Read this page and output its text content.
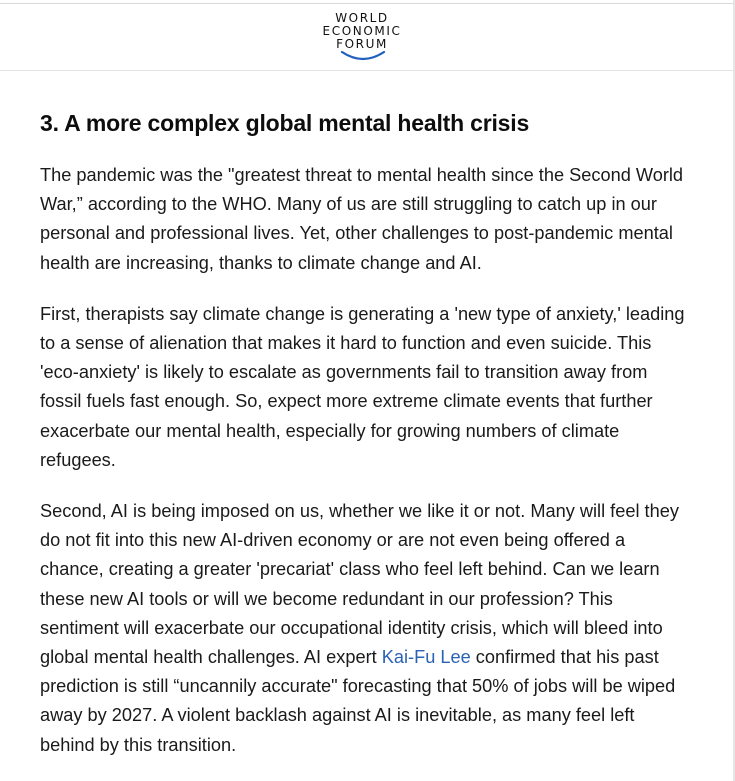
WORLD
ECONOMIC
FORUM
3. A more complex global mental health crisis

The pandemic was the "greatest threat to mental health since the Second World War,” according to the WHO. Many of us are still struggling to catch up in our personal and professional lives. Yet, other challenges to post-pandemic mental health are increasing, thanks to climate change and AI.

First, therapists say climate change is generating a 'new type of anxiety,' leading to a sense of alienation that makes it hard to function and even suicide. This 'eco-anxiety' is likely to escalate as governments fail to transition away from fossil fuels fast enough. So, expect more extreme climate events that further exacerbate our mental health, especially for growing numbers of climate refugees.

Second, AI is being imposed on us, whether we like it or not. Many will feel they do not fit into this new AI-driven economy or are not even being offered a chance, creating a greater 'precariat' class who feel left behind. Can we learn these new AI tools or will we become redundant in our profession? This sentiment will exacerbate our occupational identity crisis, which will bleed into global mental health challenges. AI expert Kai-Fu Lee confirmed that his past prediction is still “uncannily accurate" forecasting that 50% of jobs will be wiped away by 2027. A violent backlash against AI is inevitable, as many feel left behind by this transition.
